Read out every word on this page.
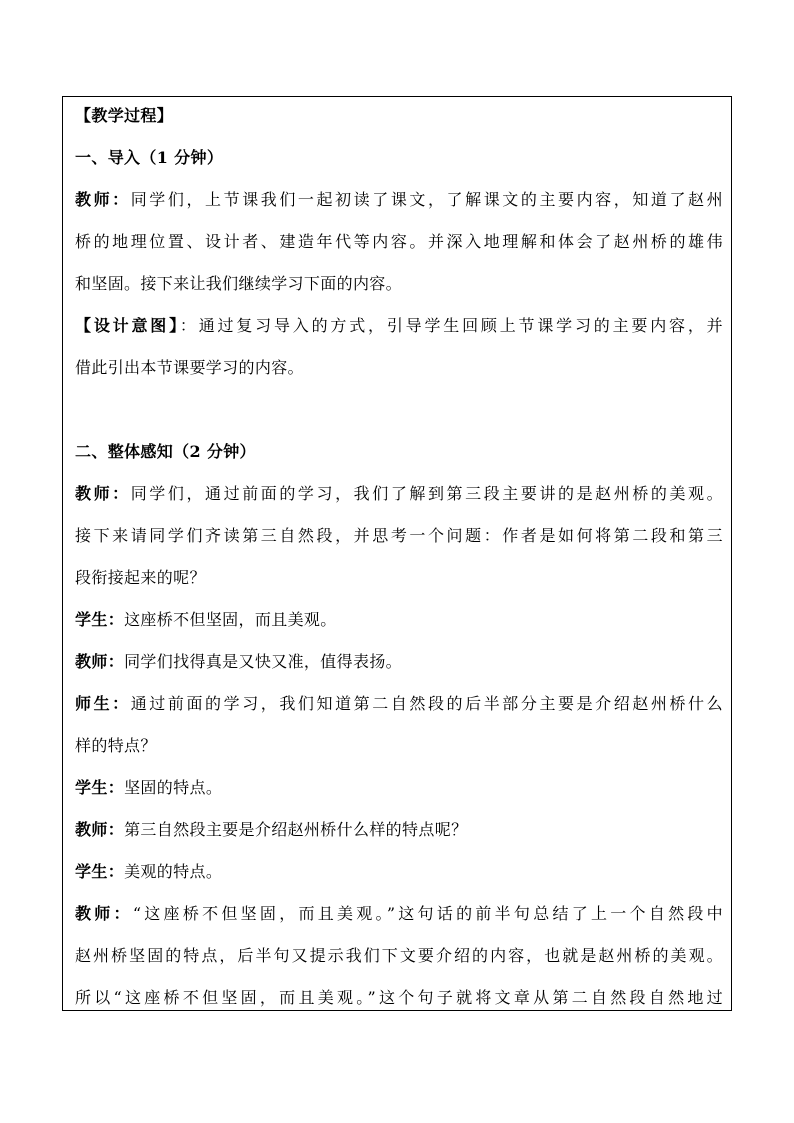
【教学过程】
一、导入（1 分钟）
教师：同学们，上节课我们一起初读了课文，了解课文的主要内容，知道了赵州
桥的地理位置、设计者、建造年代等内容。并深入地理解和体会了赵州桥的雄伟
和坚固。接下来让我们继续学习下面的内容。
【设计意图】：通过复习导入的方式，引导学生回顾上节课学习的主要内容，并
借此引出本节课要学习的内容。
二、整体感知（2 分钟）
教师：同学们，通过前面的学习，我们了解到第三段主要讲的是赵州桥的美观。
接下来请同学们齐读第三自然段，并思考一个问题：作者是如何将第二段和第三
段衔接起来的呢？
学生：这座桥不但坚固，而且美观。
教师：同学们找得真是又快又准，值得表扬。
师生：通过前面的学习，我们知道第二自然段的后半部分主要是介绍赵州桥什么
样的特点？
学生：坚固的特点。
教师：第三自然段主要是介绍赵州桥什么样的特点呢？
学生：美观的特点。
教师：“这座桥不但坚固，而且美观。”这句话的前半句总结了上一个自然段中
赵州桥坚固的特点，后半句又提示我们下文要介绍的内容，也就是赵州桥的美观。
所以“这座桥不但坚固，而且美观。”这个句子就将文章从第二自然段自然地过
